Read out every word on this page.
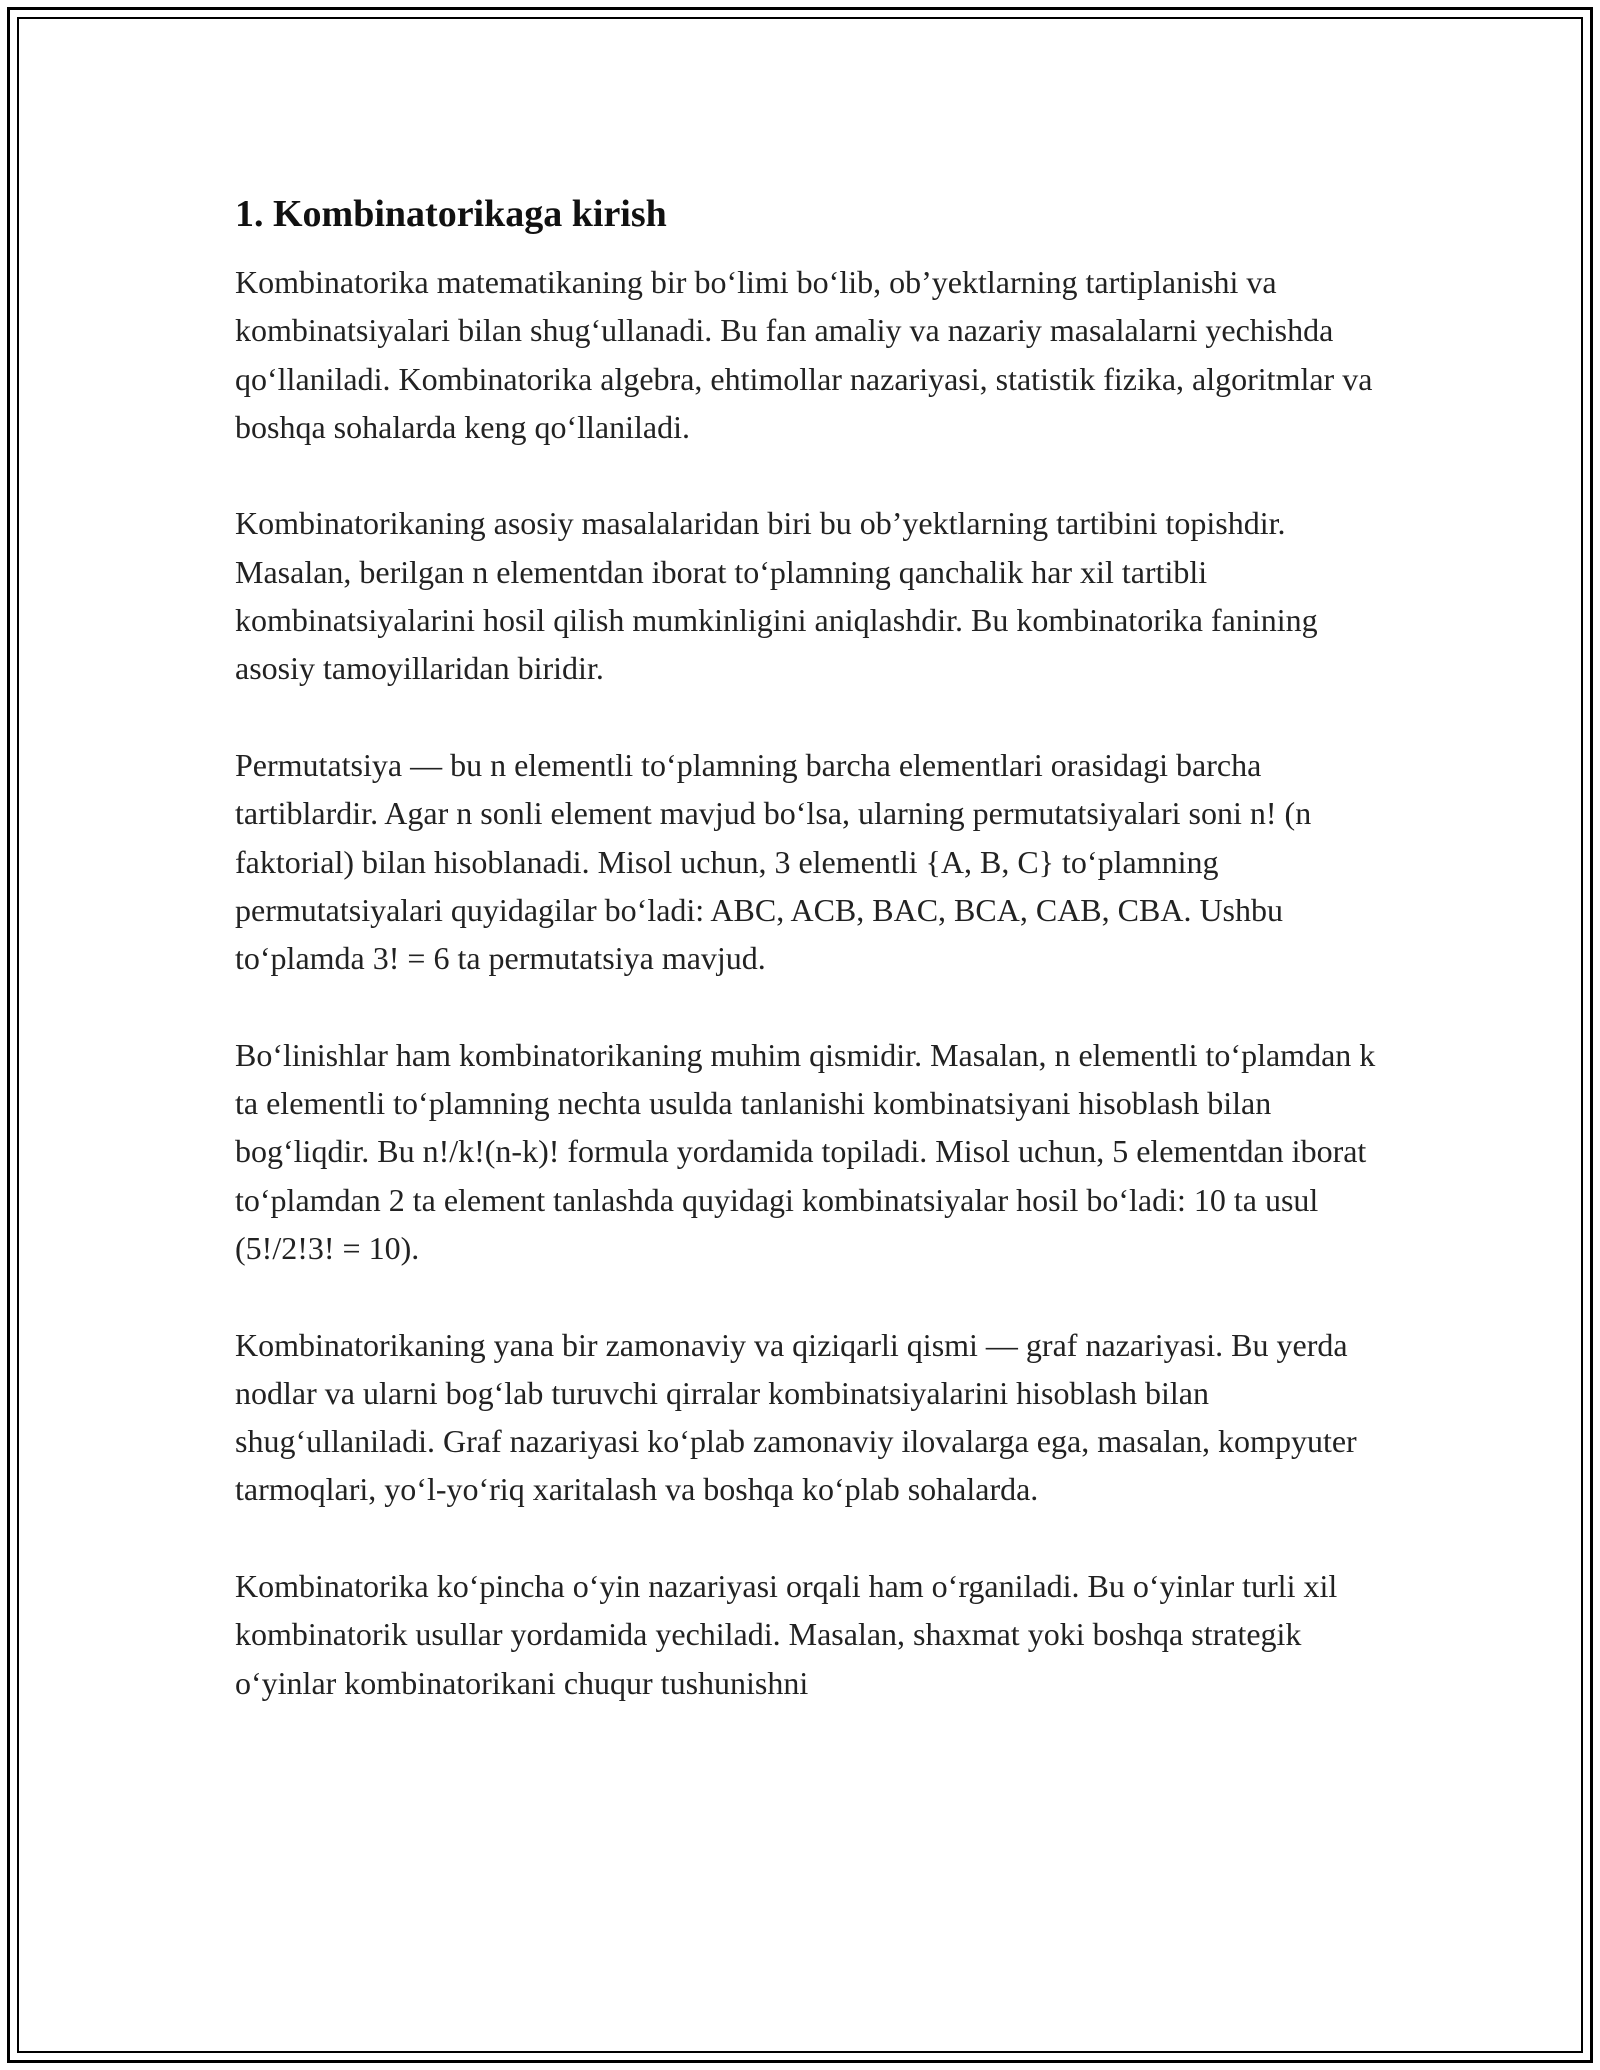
1. Kombinatorikaga kirish

Kombinatorika matematikaning bir bo‘limi bo‘lib, ob’yektlarning tartiplanishi va kombinatsiyalari bilan shug‘ullanadi. Bu fan amaliy va nazariy masalalarni yechishda qo‘llaniladi. Kombinatorika algebra, ehtimollar nazariyasi, statistik fizika, algoritmlar va boshqa sohalarda keng qo‘llaniladi.

Kombinatorikaning asosiy masalalaridan biri bu ob’yektlarning tartibini topishdir. Masalan, berilgan n elementdan iborat to‘plamning qanchalik har xil tartibli kombinatsiyalarini hosil qilish mumkinligini aniqlashdir. Bu kombinatorika fanining asosiy tamoyillaridan biridir.

Permutatsiya — bu n elementli to‘plamning barcha elementlari orasidagi barcha tartiblardir. Agar n sonli element mavjud bo‘lsa, ularning permutatsiyalari soni n! (n faktorial) bilan hisoblanadi. Misol uchun, 3 elementli {A, B, C} to‘plamning permutatsiyalari quyidagilar bo‘ladi: ABC, ACB, BAC, BCA, CAB, CBA. Ushbu to‘plamda 3! = 6 ta permutatsiya mavjud.

Bo‘linishlar ham kombinatorikaning muhim qismidir. Masalan, n elementli to‘plamdan k ta elementli to‘plamning nechta usulda tanlanishi kombinatsiyani hisoblash bilan bog‘liqdir. Bu n!/k!(n-k)! formula yordamida topiladi. Misol uchun, 5 elementdan iborat to‘plamdan 2 ta element tanlashda quyidagi kombinatsiyalar hosil bo‘ladi: 10 ta usul (5!/2!3! = 10).

Kombinatorikaning yana bir zamonaviy va qiziqarli qismi — graf nazariyasi. Bu yerda nodlar va ularni bog‘lab turuvchi qirralar kombinatsiyalarini hisoblash bilan shug‘ullaniladi. Graf nazariyasi ko‘plab zamonaviy ilovalarga ega, masalan, kompyuter tarmoqlari, yo‘l-yo‘riq xaritalash va boshqa ko‘plab sohalarda.

Kombinatorika ko‘pincha o‘yin nazariyasi orqali ham o‘rganiladi. Bu o‘yinlar turli xil kombinatorik usullar yordamida yechiladi. Masalan, shaxmat yoki boshqa strategik o‘yinlar kombinatorikani chuqur tushunishni
